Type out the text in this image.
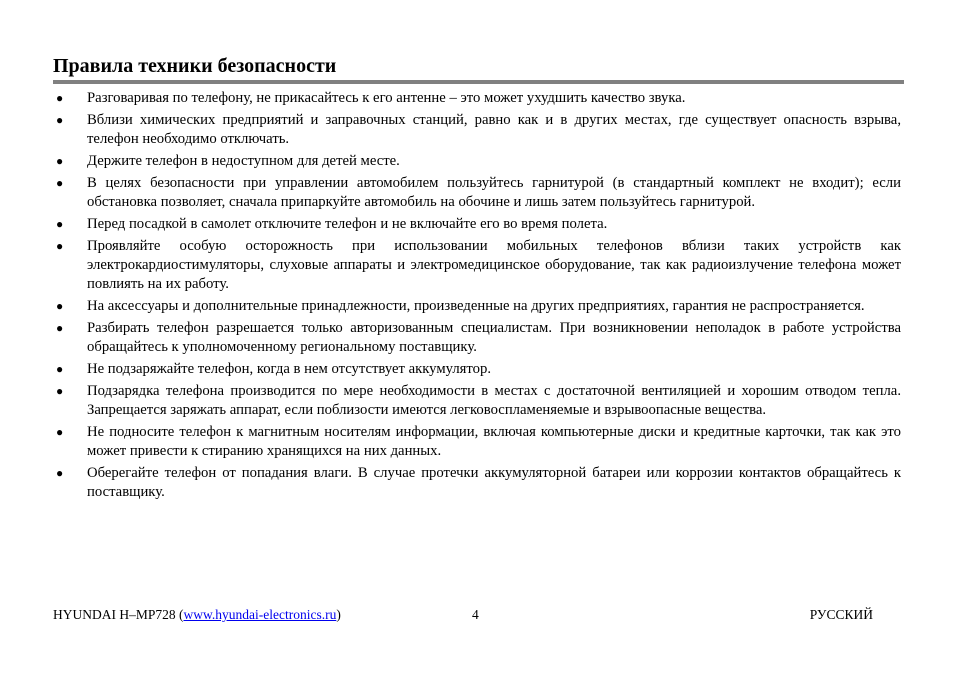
Правила техники безопасности
●	Разговаривая по телефону, не прикасайтесь к его антенне – это может ухудшить качество звука.
●	Вблизи химических предприятий и заправочных станций, равно как и в других местах, где существует опасность взрыва, телефон необходимо отключать.
●	Держите телефон в недоступном для детей месте.
●	В целях безопасности при управлении автомобилем пользуйтесь гарнитурой (в стандартный комплект не входит); если обстановка позволяет, сначала припаркуйте автомобиль на обочине и лишь затем пользуйтесь гарнитурой.
●	Перед посадкой в самолет отключите телефон и не включайте его во время полета.
●	Проявляйте особую осторожность при использовании мобильных телефонов вблизи таких устройств как электрокардиостимуляторы, слуховые аппараты и электромедицинское оборудование, так как радиоизлучение телефона может повлиять на их работу.
●	На аксессуары и дополнительные принадлежности, произведенные на других предприятиях, гарантия не распространяется.
●	Разбирать телефон разрешается только авторизованным специалистам. При возникновении неполадок в работе устройства обращайтесь к уполномоченному региональному поставщику.
●	Не подзаряжайте телефон, когда в нем отсутствует аккумулятор.
●	Подзарядка телефона производится по мере необходимости в местах с достаточной вентиляцией и хорошим отводом тепла. Запрещается заряжать аппарат, если поблизости имеются легковоспламеняемые и взрывоопасные вещества.
●	Не подносите телефон к магнитным носителям информации, включая компьютерные диски и кредитные карточки, так как это может привести к стиранию хранящихся на них данных.
●	Оберегайте телефон от попадания влаги. В случае протечки аккумуляторной батареи или коррозии контактов обращайтесь к поставщику.
HYUNDAI H–MP728 (www.hyundai-electronics.ru)	4	РУССКИЙ
